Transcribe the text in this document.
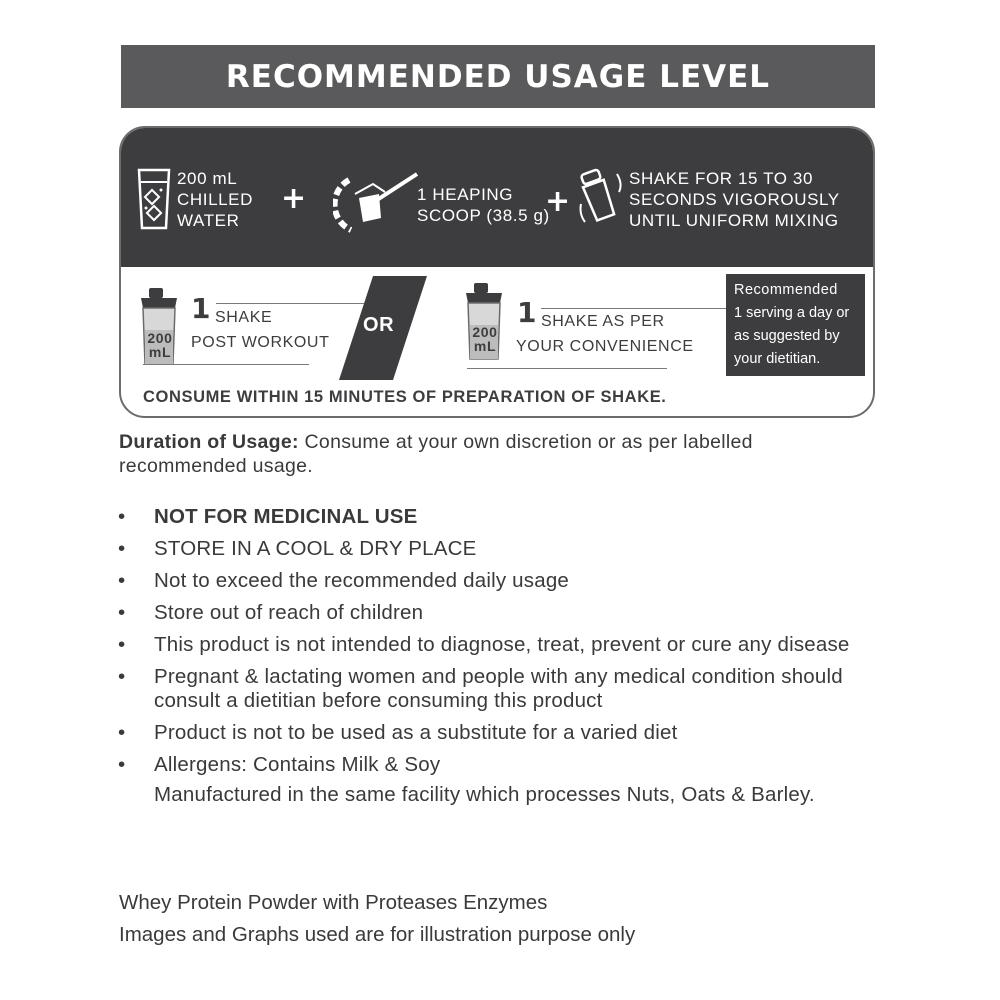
RECOMMENDED USAGE LEVEL
200 mL
CHILLED
WATER
+	1 HEAPING
SCOOP (38.5 g)
+
SHAKE FOR 15 TO 30
SECONDS VIGOROUSLY
UNTIL UNIFORM MIXING
200
mL
1 SHAKE
POST WORKOUT
OR	200
mL
1 SHAKE AS PER
YOUR CONVENIENCE
Recommended
1 serving a day or
as suggested by
your dietitian.
CONSUME WITHIN 15 MINUTES OF PREPARATION OF SHAKE.
Duration of Usage: Consume at your own discretion or as per labelled recommended usage.
• NOT FOR MEDICINAL USE
• STORE IN A COOL & DRY PLACE
• Not to exceed the recommended daily usage
• Store out of reach of children
• This product is not intended to diagnose, treat, prevent or cure any disease
• Pregnant & lactating women and people with any medical condition should consult a dietitian before consuming this product
• Product is not to be used as a substitute for a varied diet
• Allergens: Contains Milk & Soy
Manufactured in the same facility which processes Nuts, Oats & Barley.
Whey Protein Powder with Proteases Enzymes
Images and Graphs used are for illustration purpose only
